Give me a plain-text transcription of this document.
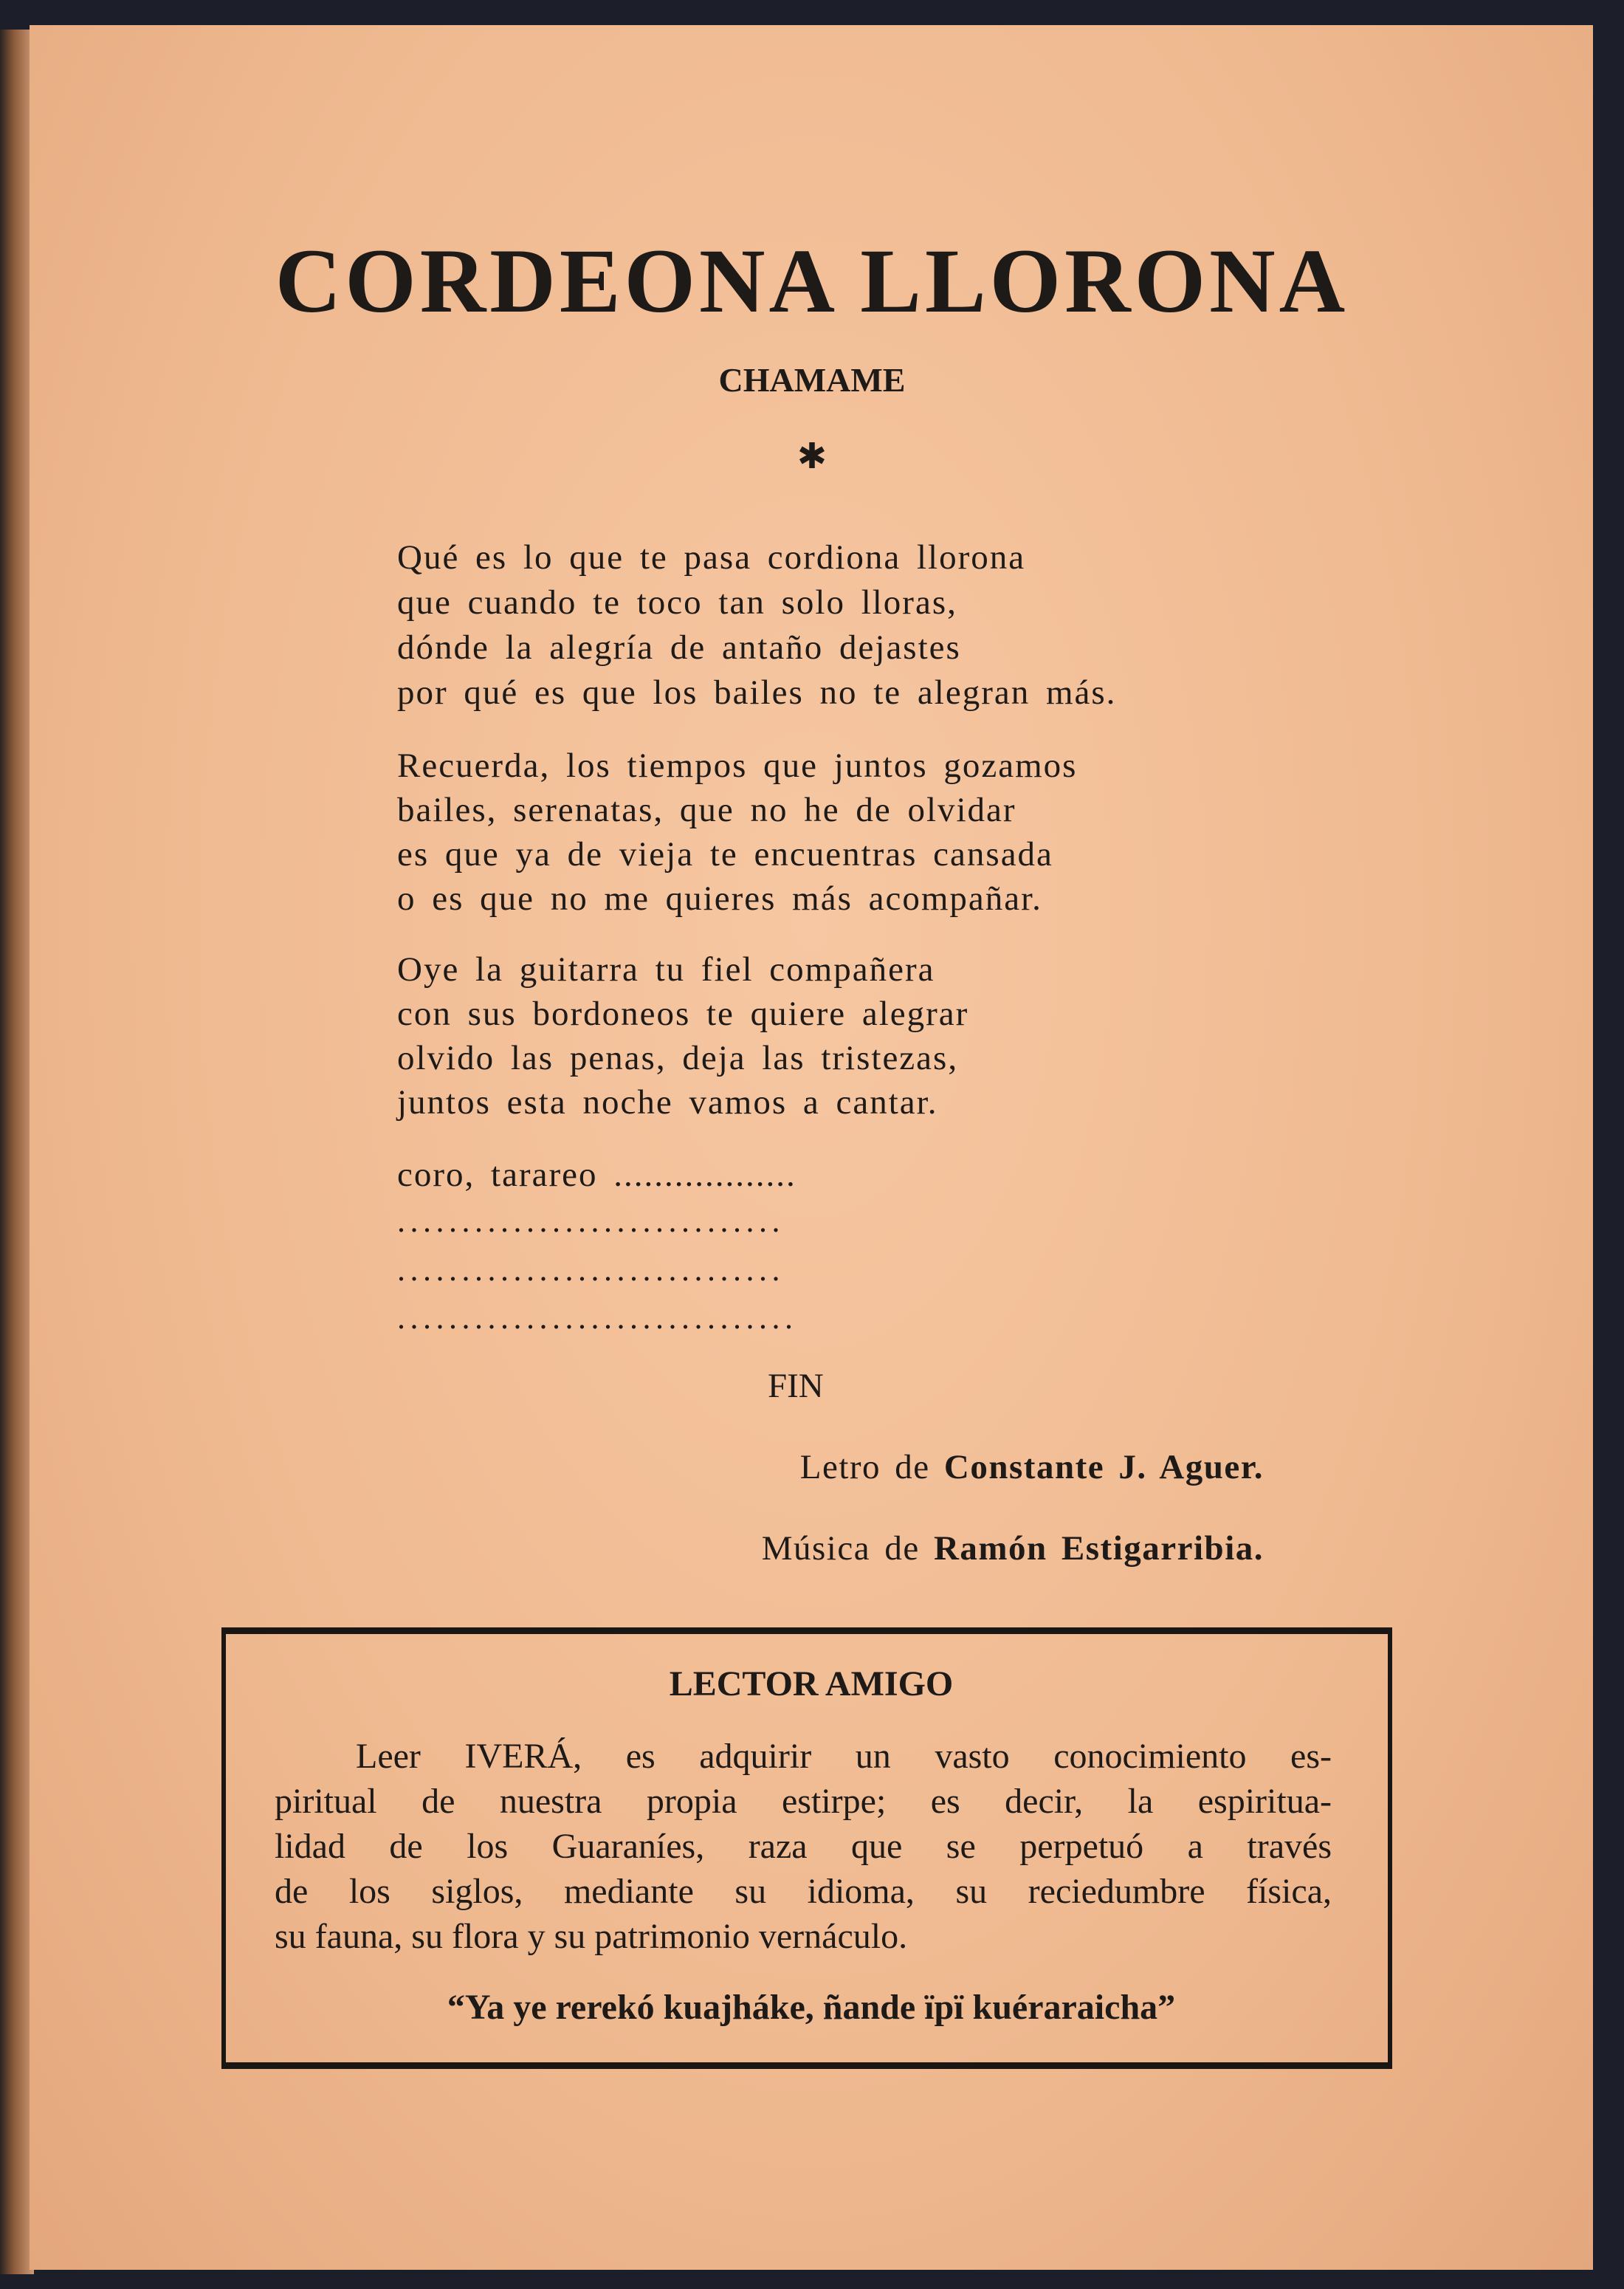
CORDEONA LLORONA
CHAMAME
✱
Qué es lo que te pasa cordiona llorona
que cuando te toco tan solo lloras,
dónde la alegría de antaño dejastes
por qué es que los bailes no te alegran más.
Recuerda, los tiempos que juntos gozamos
bailes, serenatas, que no he de olvidar
es que ya de vieja te encuentras cansada
o es que no me quieres más acompañar.
Oye la guitarra tu fiel compañera
con sus bordoneos te quiere alegrar
olvido las penas, deja las tristezas,
juntos esta noche vamos a cantar.
coro, tarareo ..................
..............................
..............................
...............................
FIN
Letro de Constante J. Aguer.
Música de Ramón Estigarribia.
LECTOR AMIGO
Leer IVERÁ, es adquirir un vasto conocimiento es-
piritual de nuestra propia estirpe; es decir, la espiritua-
lidad de los Guaraníes, raza que se perpetuó a través
de los siglos, mediante su idioma, su reciedumbre física,
su fauna, su flora y su patrimonio vernáculo.
“Ya ye rerekó kuajháke, ñande ïpï kuéraraicha”
